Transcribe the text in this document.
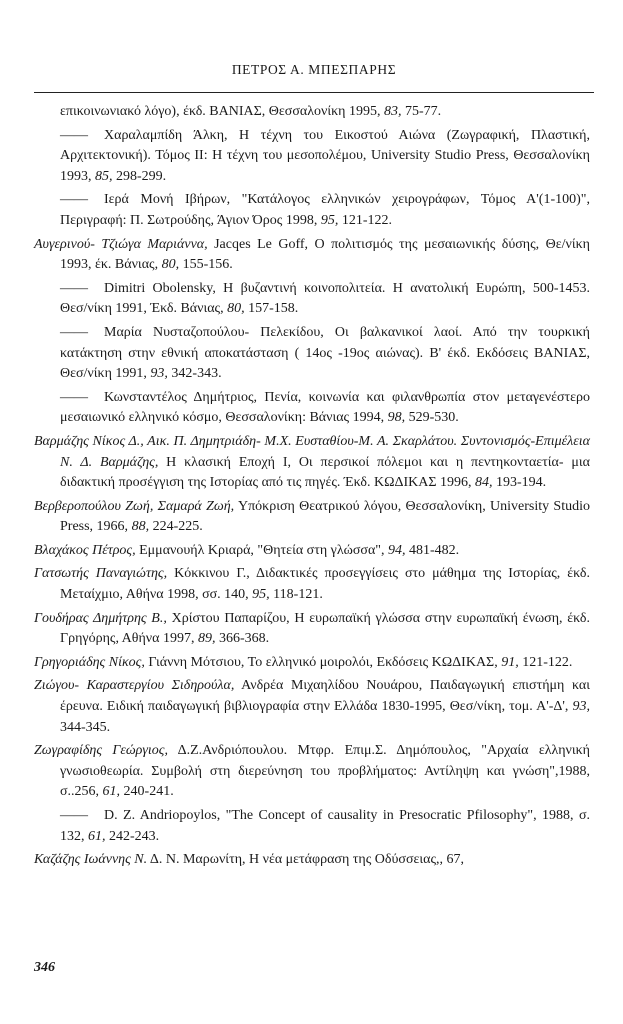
ΠΕΤΡΟΣ Α. ΜΠΕΣΠΑΡΗΣ

επικοινωνιακό λόγο), έκδ. ΒΑΝΙΑΣ, Θεσσαλονίκη 1995, 83, 75-77.

—— Χαραλαμπίδη Άλκη, Η τέχνη του Εικοστού Αιώνα (Ζωγραφική, Πλαστική, Αρχιτεκτονική). Τόμος ΙΙ: Η τέχνη του μεσοπολέμου, University Studio Press, Θεσσαλονίκη 1993, 85, 298-299.

—— Ιερά Μονή Ιβήρων, "Κατάλογος ελληνικών χειρογράφων, Τόμος Α'(1-100)", Περιγραφή: Π. Σωτρούδης, Άγιον Όρος 1998, 95, 121-122.

Αυγερινού- Τζιώγα Μαριάννα, Jacqes Le Goff, Ο πολιτισμός της μεσαιωνικής δύσης, Θε/νίκη 1993, έκ. Βάνιας, 80, 155-156.

—— Dimitri Obolensky, Η βυζαντινή κοινοπολιτεία. Η ανατολική Ευρώπη, 500-1453. Θεσ/νίκη 1991, Έκδ. Βάνιας, 80, 157-158.

—— Μαρία Νυσταζοπούλου- Πελεκίδου, Οι βαλκανικοί λαοί. Από την τουρκική κατάκτηση στην εθνική αποκατάσταση ( 14ος -19ος αιώνας). Β' έκδ. Εκδόσεις ΒΑΝΙΑΣ, Θεσ/νίκη 1991, 93, 342-343.

—— Κωνσταντέλος Δημήτριος, Πενία, κοινωνία και φιλανθρωπία στον μεταγενέστερο μεσαιωνικό ελληνικό κόσμο, Θεσσαλονίκη: Βάνιας 1994, 98, 529-530.

Βαρμάζης Νίκος Δ., Αικ. Π. Δημητριάδη- Μ.Χ. Ευσταθίου-Μ. Α. Σκαρλάτου. Συντονισμός-Επιμέλεια Ν. Δ. Βαρμάζης, Η κλασική Εποχή Ι, Οι περσικοί πόλεμοι και η πεντηκονταετία- μια διδακτική προσέγγιση της Ιστορίας από τις πηγές. Έκδ. ΚΩΔΙΚΑΣ 1996, 84, 193-194.

Βερβεροπούλου Ζωή, Σαμαρά Ζωή, Υπόκριση Θεατρικού λόγου, Θεσσαλονίκη, University Studio Press, 1966, 88, 224-225.

Βλαχάκος Πέτρος, Εμμανουήλ Κριαρά, "Θητεία στη γλώσσα", 94, 481-482.

Γατσωτής Παναγιώτης, Κόκκινου Γ., Διδακτικές προσεγγίσεις στο μάθημα της Ιστορίας, έκδ. Μεταίχμιο, Αθήνα 1998, σσ. 140, 95, 118-121.

Γουδήρας Δημήτρης Β., Χρίστου Παπαρίζου, Η ευρωπαϊκή γλώσσα στην ευρωπαϊκή ένωση, έκδ. Γρηγόρης, Αθήνα 1997, 89, 366-368.

Γρηγοριάδης Νίκος, Γιάννη Μότσιου, Το ελληνικό μοιρολόι, Εκδόσεις ΚΩΔΙΚΑΣ, 91, 121-122.

Ζιώγου- Καραστεργίου Σιδηρούλα, Ανδρέα Μιχαηλίδου Νουάρου, Παιδαγωγική επιστήμη και έρευνα. Ειδική παιδαγωγική βιβλιογραφία στην Ελλάδα 1830-1995, Θεσ/νίκη, τομ. Α'-Δ', 93, 344-345.

Ζωγραφίδης Γεώργιος, Δ.Ζ.Ανδριόπουλου. Μτφρ. Επιμ.Σ. Δημόπουλος, "Αρχαία ελληνική γνωσιοθεωρία. Συμβολή στη διερεύνηση του προβλήματος: Αντίληψη και γνώση",1988, σ..256, 61, 240-241.

—— D. Z. Andriopoylos, "The Concept of causality in Presocratic Pfilosophy", 1988, σ. 132, 61, 242-243.

Καζάζης Ιωάννης Ν. Δ. Ν. Μαρωνίτη, Η νέα μετάφραση της Οδύσσειας,, 67,

346
